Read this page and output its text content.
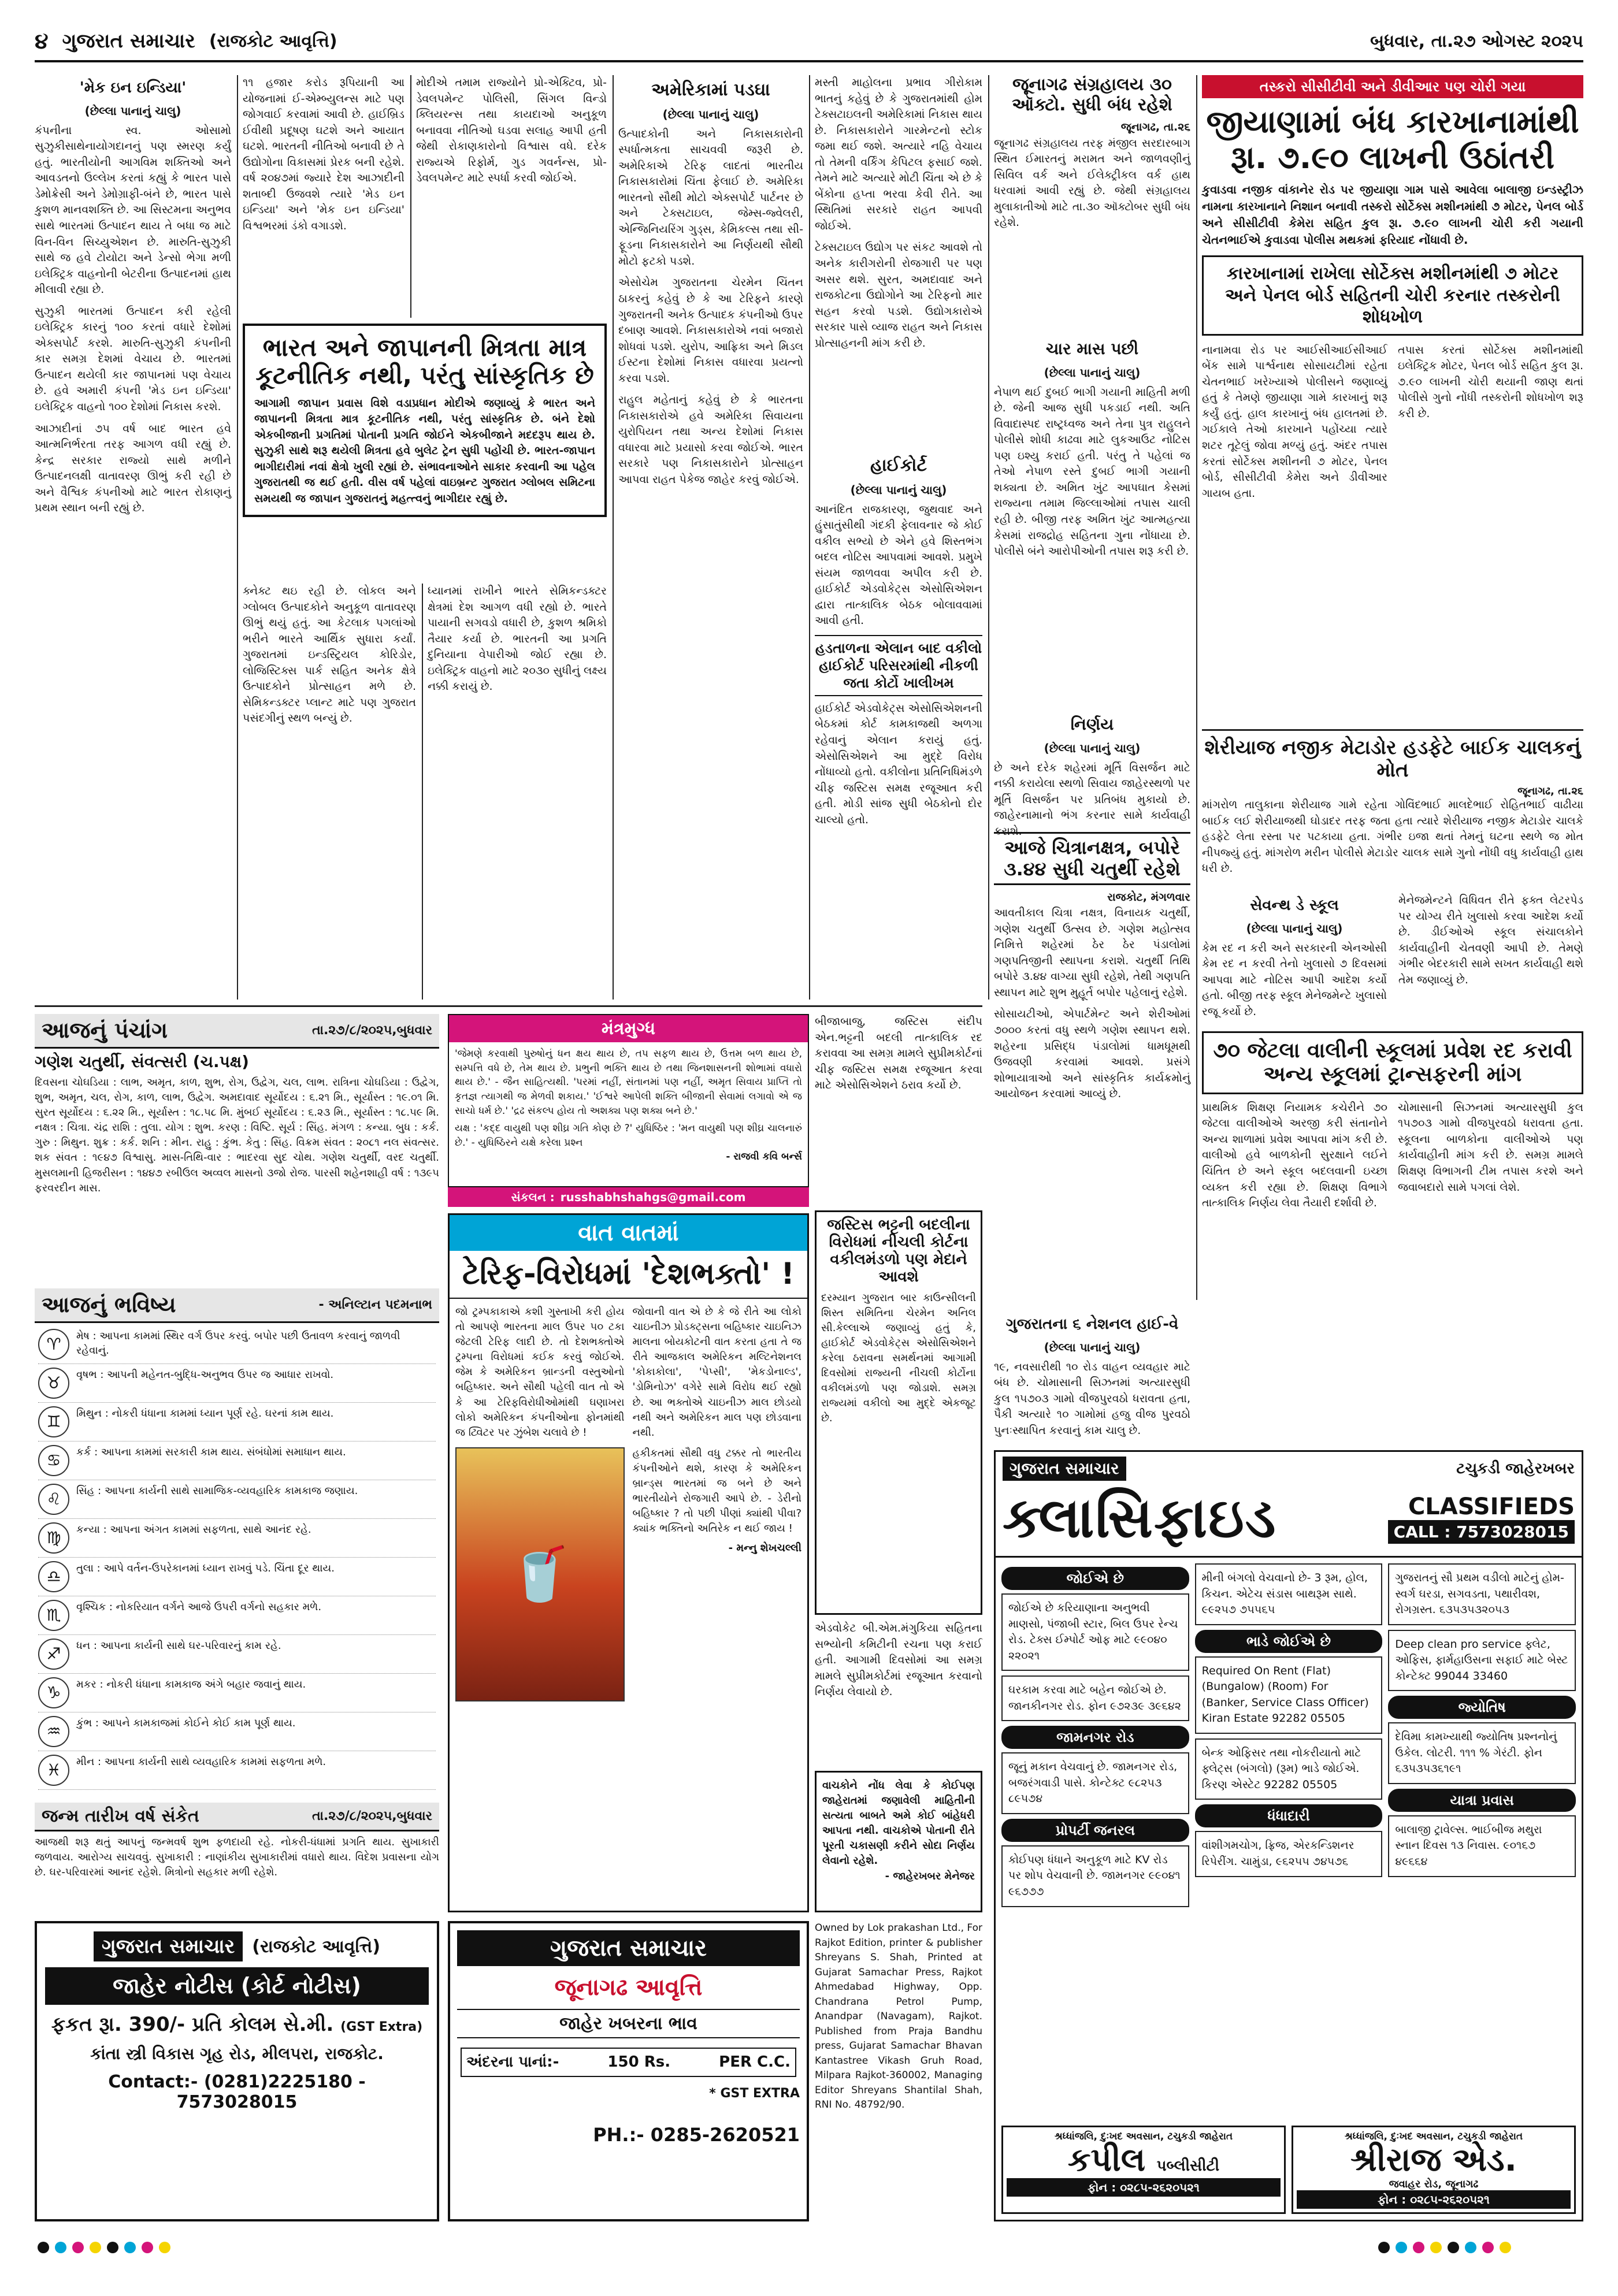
૪ ગુજરાત સમાચાર (રાજકોટ આવૃત્તિ)	બુધવાર, તા.૨૭ ઓગસ્ટ ૨૦૨૫
'મેક ઇન ઇન્ડિયા'
(છેલ્લા પાનાનું ચાલુ)

કંપનીના સ્વ. ઓસામો સુઝુકીસાથેનાયોગદાનનું પણ સ્મરણ કર્યું હતું. ભારતીયોની આગવિમ શક્તિઓ અને આવડતનો ઉલ્લેખ કરતાં કહ્યું કે ભારત પાસે ડેમોક્રેસી અને ડેમોગ્રાફી-બંને છે, ભારત પાસે કુશળ માનવશક્તિ છે. આ સિસ્ટમના અનુભવ સાથે ભારતમાં ઉત્પાદન થાય તે બધા જ માટે વિન-વિન સિચ્યુએશન છે. મારુતિ-સુઝુકી સાથે જ હવે ટોયોટા અને ડેન્સો ભેગા મળી ઇલેક્ટ્રિક વાહનોની બેટરીના ઉત્પાદનમાં હાથ મીલાવી રહ્યા છે.

સુઝુકી ભારતમાં ઉત્પાદન કરી રહેલી ઇલેક્ટ્રિક કારનું ૧૦૦ કરતાં વધારે દેશોમાં એક્સપોર્ટ કરશે. મારુતિ-સુઝુકી કંપનીની કાર સમગ્ર દેશમાં વેચાય છે. ભારતમાં ઉત્પાદન થયેલી કાર જાપાનમાં પણ વેચાય છે. હવે અમારી કંપની 'મેડ ઇન ઇન્ડિયા' ઇલેક્ટ્રિક વાહનો ૧૦૦ દેશોમાં નિકાસ કરશે.

આઝાદીનાં ૭૫ વર્ષ બાદ ભારત હવે આત્મનિર્ભરતા તરફ આગળ વધી રહ્યું છે. કેન્દ્ર સરકાર રાજ્યો સાથે મળીને ઉત્પાદનલક્ષી વાતાવરણ ઊભું કરી રહી છે અને વૈશ્વિક કંપનીઓ માટે ભારત રોકાણનું પ્રથમ સ્થાન બની રહ્યું છે.

૧૧ હજાર કરોડ રૂપિયાની આ યોજનામાં ઈ-એમ્બ્યુલન્સ માટે પણ જોગવાઈ કરવામાં આવી છે. હાઈબ્રિડ ઈવીથી પ્રદૂષણ ઘટશે અને આયાત ઘટશે. ભારતની નીતિઓ બનાવી છે તે ઉદ્યોગોના વિકાસમાં પ્રેરક બની રહેશે. વર્ષ ૨૦૪૭માં જ્યારે દેશ આઝાદીની શતાબ્દી ઉજવશે ત્યારે 'મેડ ઇન ઇન્ડિયા' અને 'મેક ઇન ઇન્ડિયા' વિશ્વભરમાં ડંકો વગાડશે.

મોદીએ તમામ રાજ્યોને પ્રો-એક્ટિવ, પ્રો-ડેવલપમેન્ટ પોલિસી, સિંગલ વિન્ડો ક્લિયરન્સ તથા કાયદાઓ અનુકૂળ બનાવવા નીતિઓ ઘડવા સલાહ આપી હતી જેથી રોકાણકારોનો વિશ્વાસ વધે. દરેક રાજ્યએ રિફોર્મ, ગુડ ગવર્નન્સ, પ્રો-ડેવલપમેન્ટ માટે સ્પર્ધા કરવી જોઈએ.

ભારત અને જાપાનની મિત્રતા માત્ર કૂટનીતિક નથી, પરંતુ સાંસ્કૃતિક છે

આગામી જાપાન પ્રવાસ વિશે વડાપ્રધાન મોદીએ જણાવ્યું કે ભારત અને જાપાનની મિત્રતા માત્ર કૂટનીતિક નથી, પરંતુ સાંસ્કૃતિક છે. બંને દેશો એકબીજાની પ્રગતિમાં પોતાની પ્રગતિ જોઈને એકબીજાને મદદરૂપ થાય છે. સુઝુકી સાથે શરૂ થયેલી મિત્રતા હવે બુલેટ ટ્રેન સુધી પહોંચી છે. ભારત-જાપાન ભાગીદારીમાં નવાં ક્ષેત્રો ખુલી રહ્યાં છે. સંભાવનાઓને સાકાર કરવાની આ પહેલ ગુજરાતથી જ થઈ હતી. વીસ વર્ષ પહેલાં વાઇબ્રન્ટ ગુજરાત ગ્લોબલ સમિટના સમયથી જ જાપાન ગુજરાતનું મહત્ત્વનું ભાગીદાર રહ્યું છે.

ક્નેક્ટ થઇ રહી છે. લોકલ અને ગ્લોબલ ઉત્પાદકોને અનુકૂળ વાતાવરણ ઊભું થયું હતું. આ કેટલાક પગલાંઓ ભરીને ભારતે આર્થિક સુધારા કર્યાં. ગુજરાતમાં ઇન્ડસ્ટ્રિયલ કોરિડોર, લોજિસ્ટિક્સ પાર્ક સહિત અનેક ક્ષેત્રે ઉત્પાદકોને પ્રોત્સાહન મળે છે. સેમિકન્ડક્ટર પ્લાન્ટ માટે પણ ગુજરાત પસંદગીનું સ્થળ બન્યું છે.

ધ્યાનમાં રાખીને ભારતે સેમિકન્ડક્ટર ક્ષેત્રમાં દેશ આગળ વધી રહ્યો છે. ભારતે પાયાની સગવડો વધારી છે, કુશળ શ્રમિકો તૈયાર કર્યા છે. ભારતની આ પ્રગતિ દુનિયાના વેપારીઓ જોઈ રહ્યા છે. ઇલેક્ટ્રિક વાહનો માટે ૨૦૩૦ સુધીનું લક્ષ્ય નક્કી કરાયું છે.

અમેરિકામાં પડઘા
(છેલ્લા પાનાનું ચાલુ)

ઉત્પાદકોની અને નિકાસકારોની સ્પર્ધાત્મકતા સાચવવી જરૂરી છે. અમેરિકાએ ટેરિફ લાદતાં ભારતીય નિકાસકારોમાં ચિંતા ફેલાઈ છે. અમેરિકા ભારતનો સૌથી મોટો એક્સપોર્ટ પાર્ટનર છે અને ટેક્સટાઇલ, જેમ્સ-જ્વેલરી, એન્જિનિયરિંગ ગુડ્સ, કેમિકલ્સ તથા સી-ફૂડના નિકાસકારોને આ નિર્ણયથી સૌથી મોટો ફટકો પડશે.

એસોચેમ ગુજરાતના ચેરમેન ચિંતન ઠાકરનું કહેવું છે કે આ ટેરિફને કારણે ગુજરાતની અનેક ઉત્પાદક કંપનીઓ ઉપર દબાણ આવશે. નિકાસકારોએ નવાં બજારો શોધવાં પડશે. યુરોપ, આફ્રિકા અને મિડલ ઈસ્ટના દેશોમાં નિકાસ વધારવા પ્રયત્નો કરવા પડશે.

રાહુલ મહેતાનું કહેવું છે કે ભારતના નિકાસકારોએ હવે અમેરિકા સિવાયના યુરોપિયન તથા અન્ય દેશોમાં નિકાસ વધારવા માટે પ્રયાસો કરવા જોઈએ. ભારત સરકારે પણ નિકાસકારોને પ્રોત્સાહન આપવા રાહત પેકેજ જાહેર કરવું જોઈએ.

મસ્તી માહોલના પ્રભાવ ગીરોકામ ભાતનું કહેવું છે કે ગુજરાતમાંથી હોમ ટેક્સટાઇલની અમેરિકામાં નિકાસ થાય છે. નિકાસકારોને ગારમેન્ટનો સ્ટોક જમા થઈ જશે. અત્યારે નહિ વેચાય તો તેમની વર્કિંગ કેપિટલ ફસાઈ જશે. તેમને માટે અત્યારે મોટી ચિંતા એ છે કે બેંકોના હપ્તા ભરવા કેવી રીતે. આ સ્થિતિમાં સરકારે રાહત આપવી જોઈએ.

ટેક્સટાઇલ ઉદ્યોગ પર સંકટ આવશે તો અનેક કારીગરોની રોજગારી પર પણ અસર થશે. સુરત, અમદાવાદ અને રાજકોટના ઉદ્યોગોને આ ટેરિફનો માર સહન કરવો પડશે. ઉદ્યોગકારોએ સરકાર પાસે વ્યાજ રાહત અને નિકાસ પ્રોત્સાહનની માંગ કરી છે.

હાઈકોર્ટ
(છેલ્લા પાનાનું ચાલુ)

આનંદિત રાજકારણ, જુથવાદ અને હુંસાતુંસીથી ગંદકી ફેલાવનાર જે કોઈ વકીલ સભ્યો છે એને હવે શિસ્તભંગ બદલ નોટિસ આપવામાં આવશે. પ્રમુખે સંયમ જાળવવા અપીલ કરી છે. હાઈકોર્ટ એડવોકેટ્સ એસોસિએશન દ્વારા તાત્કાલિક બેઠક બોલાવવામાં આવી હતી.

હડતાળના એલાન બાદ વકીલો હાઈકોર્ટ પરિસરમાંથી નીકળી જતા કોર્ટો ખાલીખમ

હાઈકોર્ટ એડવોકેટ્સ એસોસિએશનની બેઠકમાં કોર્ટ કામકાજથી અળગા રહેવાનું એલાન કરાયું હતું. એસોસિએશને આ મુદ્દે વિરોધ નોંધાવ્યો હતો. વકીલોના પ્રતિનિધિમંડળે ચીફ જસ્ટિસ સમક્ષ રજૂઆત કરી હતી. મોડી સાંજ સુધી બેઠકોનો દોર ચાલ્યો હતો.

જૂનાગઢ સંગ્રહાલય ૩૦ ઑક્ટો. સુધી બંધ રહેશે
જૂનાગઢ, તા.૨૬

જૂનાગઢ સંગ્રહાલય તરફ મંજીલ સરદારબાગ સ્થિત ઈમારતનું મરામત અને જાળવણીનું સિવિલ વર્ક અને ઈલેક્ટ્રીકલ વર્ક હાથ ધરવામાં આવી રહ્યું છે. જેથી સંગ્રહાલય મુલાકાતીઓ માટે તા.૩૦ ઑક્ટોબર સુધી બંધ રહેશે.

ચાર માસ પછી
(છેલ્લા પાનાનું ચાલુ)

નેપાળ થઈ દુબઈ ભાગી ગયાની માહિતી મળી છે. જેની આજ સુધી પકડાઈ નથી. અતિ વિવાદાસ્પદ રાષ્ટ્રધ્વજ અને તેના પુત્ર રાહુલને પોલીસે શોધી કાઢવા માટે લુકઆઉટ નોટિસ પણ ઇશ્યુ કરાઈ હતી. પરંતુ તે પહેલાં જ તેઓ નેપાળ રસ્તે દુબઈ ભાગી ગયાની શક્યતા છે. અમિત ખુંટ આપઘાત કેસમાં રાજ્યના તમામ જિલ્લાઓમાં તપાસ ચાલી રહી છે. બીજી તરફ અમિત ખુંટ આત્મહત્યા કેસમાં રાજદ્રોહ સહિતના ગુના નોંધાયા છે. પોલીસે બંને આરોપીઓની તપાસ શરૂ કરી છે.

નિર્ણય
(છેલ્લા પાનાનું ચાલુ)

છે અને દરેક શહેરમાં મૂર્તિ વિસર્જન માટે નક્કી કરાયેલા સ્થળો સિવાય જાહેરસ્થળો પર મૂર્તિ વિસર્જન પર પ્રતિબંધ મુકાયો છે. જાહેરનામાનો ભંગ કરનાર સામે કાર્યવાહી કરાશે.

આજે ચિત્રાનક્ષત્ર, બપોરે ૩.૪૪ સુધી ચતુર્થી રહેશે
રાજકોટ, મંગળવાર

આવતીકાલ ચિત્રા નક્ષત્ર, વિનાયક ચતુર્થી, ગણેશ ચતુર્થી ઉત્સવ છે. ગણેશ મહોત્સવ નિમિત્તે શહેરમાં ઠેર ઠેર પંડાલોમાં ગણપતિજીની સ્થાપના કરાશે. ચતુર્થી તિથિ બપોરે ૩.૪૪ વાગ્યા સુધી રહેશે, તેથી ગણપતિ સ્થાપન માટે શુભ મુહૂર્ત બપોર પહેલાનું રહેશે.

સોસાયટીઓ, એપાર્ટમેન્ટ અને શેરીઓમાં ૭૦૦૦ કરતાં વધુ સ્થળે ગણેશ સ્થાપન થશે. શહેરના પ્રસિદ્ધ પંડાલોમાં ધામધૂમથી ઉજવણી કરવામાં આવશે. પ્રસંગે શોભાયાત્રાઓ અને સાંસ્કૃતિક કાર્યક્રમોનું આયોજન કરવામાં આવ્યું છે.

તસ્કરો સીસીટીવી અને ડીવીઆર પણ ચોરી ગયા
જીયાણામાં બંધ કારખાનામાંથી રૂા. ૭.૯૦ લાખની ઉઠાંતરી

કુવાડવા નજીક વાંકાનેર રોડ પર જીયાણા ગામ પાસે આવેલા બાલાજી ઇન્ડસ્ટ્રીઝ નામના કારખાનાને નિશાન બનાવી તસ્કરો સોર્ટેક્સ મશીનમાંથી ૭ મોટર, પેનલ બોર્ડ અને સીસીટીવી કેમેરા સહિત કુલ રૂા. ૭.૯૦ લાખની ચોરી કરી ગયાની ચેતનભાઈએ કુવાડવા પોલીસ મથકમાં ફરિયાદ નોંધાવી છે.

કારખાનામાં રાખેલા સોર્ટેક્સ મશીનમાંથી ૭ મોટર અને પેનલ બોર્ડ સહિતની ચોરી કરનાર તસ્કરોની શોધખોળ

નાનામવા રોડ પર આઈસીઆઈસીઆઈ બેંક સામે પાર્શ્વનાથ સોસાયટીમાં રહેતા ચેતનભાઈ ખરેખ્યાએ પોલીસને જણાવ્યું હતું કે તેમણે જીયાણા ગામે કારખાનું શરૂ કર્યું હતું. હાલ કારખાનું બંધ હાલતમાં છે. ગઈકાલે તેઓ કારખાને પહોંચ્યા ત્યારે શટર તૂટેલું જોવા મળ્યું હતું. અંદર તપાસ કરતાં સોર્ટેક્સ મશીનની ૭ મોટર, પેનલ બોર્ડ, સીસીટીવી કેમેરા અને ડીવીઆર ગાયબ હતા.

તપાસ કરતાં સોર્ટેક્સ મશીનમાંથી ઇલેક્ટ્રિક મોટર, પેનલ બોર્ડ સહિત કુલ રૂા. ૭.૯૦ લાખની ચોરી થયાની જાણ થતાં પોલીસે ગુનો નોંધી તસ્કરોની શોધખોળ શરૂ કરી છે.

શેરીયાજ નજીક મેટાડોર હડફેટે બાઈક ચાલકનું મોત
જૂનાગઢ, તા.૨૬

માંગરોળ તાલુકાના શેરીયાજ ગામે રહેતા ગોવિંદભાઈ માલદેભાઈ રોહિતભાઈ વાઢીયા બાઈક લઈ શેરીયાજથી ઘોડાદર તરફ જતા હતા ત્યારે શેરીયાજ નજીક મેટાડોર ચાલકે હડફેટે લેતા રસ્તા પર પટકાયા હતા. ગંભીર ઇજા થતાં તેમનું ઘટના સ્થળે જ મોત નીપજ્યું હતું. માંગરોળ મરીન પોલીસે મેટાડોર ચાલક સામે ગુનો નોંધી વધુ કાર્યવાહી હાથ ધરી છે.

સેવન્થ ડે સ્કૂલ
(છેલ્લા પાનાનું ચાલુ)

કેમ રદ ન કરી અને સરકારની એનઓસી કેમ રદ ન કરવી તેનો ખુલાસો ૭ દિવસમાં આપવા માટે નોટિસ આપી આદેશ કર્યો હતો. બીજી તરફ સ્કૂલ મેનેજમેન્ટે ખુલાસો રજૂ કર્યો છે.

મેનેજમેન્ટને વિધિવત રીતે ફક્ત લેટરપેડ પર યોગ્ય રીતે ખુલાસો કરવા આદેશ કર્યો છે. ડીઈઓએ સ્કૂલ સંચાલકોને કાર્યવાહીની ચેતવણી આપી છે. તેમણે ગંભીર બેદરકારી સામે સખત કાર્યવાહી થશે તેમ જણાવ્યું છે.

૭૦ જેટલા વાલીની સ્કૂલમાં પ્રવેશ રદ કરાવી અન્ય સ્કૂલમાં ટ્રાન્સફરની માંગ

પ્રાથમિક શિક્ષણ નિયામક કચેરીને ૭૦ જેટલા વાલીઓએ અરજી કરી સંતાનોને અન્ય શાળામાં પ્રવેશ આપવા માંગ કરી છે. વાલીઓ હવે બાળકોની સુરક્ષાને લઈને ચિંતિત છે અને સ્કૂલ બદલવાની ઇચ્છા વ્યક્ત કરી રહ્યા છે. શિક્ષણ વિભાગે તાત્કાલિક નિર્ણય લેવા તૈયારી દર્શાવી છે.

ચોમાસાની સિઝનમાં અત્યારસુધી કુલ ૧૫૭૦૩ ગામો વીજપુરવઠો ધરાવતા હતા. સ્કૂલના બાળકોના વાલીઓએ પણ કાર્યવાહીની માંગ કરી છે. સમગ્ર મામલે શિક્ષણ વિભાગની ટીમ તપાસ કરશે અને જવાબદારો સામે પગલાં લેશે.

ગુજરાતના ૬ નેશનલ હાઈ-વે
(છેલ્લા પાનાનું ચાલુ)

૧૯, નવસારીથી ૧૦ રોડ વાહન વ્યવહાર માટે બંધ છે. ચોમાસાની સિઝનમાં અત્યારસુધી કુલ ૧૫૭૦૩ ગામો વીજપુરવઠો ધરાવતા હતા, પૈકી અત્યારે ૧૦ ગામોમાં હજુ વીજ પુરવઠો પુનઃસ્થાપિત કરવાનું કામ ચાલુ છે.

આજનું પંચાંગ	તા.૨૭/૮/૨૦૨૫,બુધવાર
ગણેશ ચતુર્થી, સંવત્સરી (ચ.પક્ષ)

દિવસના ચોઘડિયા : લાભ, અમૃત, કાળ, શુભ, રોગ, ઉદ્વેગ, ચલ, લાભ. રાત્રિના ચોઘડિયા : ઉદ્વેગ, શુભ, અમૃત, ચલ, રોગ, કાળ, લાભ, ઉદ્વેગ. અમદાવાદ સૂર્યોદય : ૬.૨૧ મિ., સૂર્યાસ્ત : ૧૯.૦૧ મિ. સુરત સૂર્યોદય : ૬.૨૨ મિ., સૂર્યાસ્ત : ૧૮.૫૮ મિ. મુંબઈ સૂર્યોદય : ૬.૨૩ મિ., સૂર્યાસ્ત : ૧૮.૫૯ મિ. નક્ષત્ર : ચિત્રા. ચંદ્ર રાશિ : તુલા. યોગ : શુભ. કરણ : વિષ્ટિ. સૂર્ય : સિંહ. મંગળ : કન્યા. બુધ : કર્ક. ગુરુ : મિથુન. શુક્ર : કર્ક. શનિ : મીન. રાહુ : કુંભ. કેતુ : સિંહ. વિક્રમ સંવત : ૨૦૮૧ નલ સંવત્સર. શક સંવત : ૧૯૪૭ વિશ્વાસુ. માસ-તિથિ-વાર : ભાદરવા સુદ ચોથ. ગણેશ ચતુર્થી, વરદ ચતુર્થી. મુસલમાની હિજરીસન : ૧૪૪૭ રબીઉલ અવ્વલ માસનો ૩જો રોજ. પારસી શહેનશાહી વર્ષ : ૧૩૯૫ ફરવરદીન માસ.

મંત્રમુગ્ધ

'જેમણે કરવાથી પુરુષોનું ધન ક્ષય થાય છે, તપ સફળ થાય છે, ઉત્તમ બળ થાય છે, સમ્પત્તિ વધે છે, તેમ થાય છે. પ્રભુની ભક્તિ થાય છે તથા જિનશાસનની શોભામાં વધારો થાય છે.' - જૈન સાહિત્યથી. 'પરમાં નહીં, સંતાનમાં પણ નહીં, અમૃત સિવાય પ્રાપ્તિ તો કૃતજ્ઞ ત્યાગથી જ મેળવી શકાય.' 'ઈશ્વરે આપેલી શક્તિ બીજાની સેવામાં લગાવો એ જ સાચો ધર્મ છે.' 'દ્રઢ સંકલ્પ હોય તો અશક્ય પણ શક્ય બને છે.'

યક્ષ : 'કદ્દ વાયુથી પણ શીઘ્ર ગતિ કોણ છે ?' યુધિષ્ઠિર : 'મન વાયુથી પણ શીઘ્ર ચાલનારું છે.' - યુધિષ્ઠિરને યક્ષે કરેલા પ્રશ્ન

- રાજવી કવિ બર્ન્સ

સંકલન : russhabhshahgs@gmail.com

બીજાબાજુ, જસ્ટિસ સંદીપ એન.ભટ્ટની બદલી તાત્કાલિક રદ કરાવવા આ સમગ્ર મામલે સુપ્રીમકોર્ટનાં ચીફ જસ્ટિસ સમક્ષ રજૂઆત કરવા માટે એસોસિએશને ઠરાવ કર્યો છે.

જસ્ટિસ ભટ્ટની બદલીના વિરોધમાં નીચલી કોર્ટના વકીલમંડળો પણ મેદાને આવશે

દરમ્યાન ગુજરાત બાર કાઉન્સીલની શિસ્ત સમિતિના ચેરમેન અનિલ સી.કેલ્લાએ જણાવ્યું હતું કે, હાઈકોર્ટ એડવોકેટ્સ એસોસિએશને કરેલા ઠરાવના સમર્થનમાં આગામી દિવસોમાં રાજ્યની નીચલી કોર્ટોના વકીલમંડળો પણ જોડાશે. સમગ્ર રાજ્યમાં વકીલો આ મુદ્દે એકજૂટ છે.

એડવોકેટ બી.એમ.મંગુકિયા સહિતના સભ્યોની કમિટીની રચના પણ કરાઈ હતી. આગામી દિવસોમાં આ સમગ્ર મામલે સુપ્રીમકોર્ટમાં રજૂઆત કરવાનો નિર્ણય લેવાયો છે.

વાચકોને નોંધ લેવા કે કોઈપણ જાહેરાતમાં જણાવેલી માહિતીની સત્યતા બાબતે અમે કોઈ બાંહેધરી આપતા નથી. વાચકોએ પોતાની રીતે પૂરતી ચકાસણી કરીને સોદા નિર્ણય લેવાનો રહેશે.

- જાહેરખબર મેનેજર

વાત વાતમાં
ટેરિફ-વિરોધમાં 'દેશભક્તો' !

જો ટ્રમ્પકાકાએ કશી ગુસ્તાખી કરી હોય તો આપણે ભારતના માલ ઉપર ૫૦ ટકા જેટલી ટેરિફ લાદી છે. તો દેશભક્તોએ ટ્રમ્પના વિરોધમાં કઈક કરવું જોઈએ. જેમ કે અમેરિકન બ્રાન્ડની વસ્તુઓનો બહિષ્કાર. અને સૌથી પહેલી વાત તો એ કે આ ટેરિફવિરોધીઓમાંથી ઘણાખરા લોકો અમેરિકન કંપનીઓના ફોનમાંથી જ ટ્વિટર પર ઝુંબેશ ચલાવે છે !

🥤

જોવાની વાત એ છે કે જે રીતે આ લોકો ચાઇનીઝ પ્રોડક્ટ્સના બહિષ્કાર ચાઇનિઝ માલના બોયકોટની વાત કરતા હતા તે જ રીતે આજકાલ અમેરિકન મલ્ટિનેશનલ 'કોકાકોલા', 'પેપ્સી', 'મેકડોનાલ્ડ', 'ડોમિનોઝ' વગેરે સામે વિરોધ થઈ રહ્યો છે. આ ભક્તોએ ચાઇનીઝ માલ છોડયો નથી અને અમેરિકન માલ પણ છોડવાના નથી.

હકીકતમાં સૌથી વધુ ટક્કર તો ભારતીય કંપનીઓને થશે, કારણ કે અમેરિકન બ્રાન્ડ્સ ભારતમાં જ બને છે અને ભારતીયોને રોજગારી આપે છે. - ડેરીનો બહિષ્કાર ? તો પછી પીણાં ક્યાંથી પીવા? ક્યાંક ભક્તિનો અતિરેક ન થઈ જાય !

- મન્નુ શેખચલ્લી

આજનું ભવિષ્ય	- અનિલ્ટાન પદમનાભ
♈	મેષ : આપના કામમાં સ્થિર વર્ગ ઉપર કરવું. બપોર પછી ઉતાવળ કરવાનું જાળવી રહેવાનું.
♉	વૃષભ : આપની મહેનત-બુદ્ધિ-અનુભવ ઉપર જ આધાર રાખવો.
♊	મિથુન : નોકરી ધંધાના કામમાં ધ્યાન પૂર્ણ રહે. ઘરનાં કામ થાય.
♋	કર્ક : આપના કામમાં સરકારી કામ થાય. સંબંધોમાં સમાધાન થાય.
♌	સિંહ : આપના કાર્યની સાથે સામાજિક-વ્યવહારિક કામકાજ જણાય.
♍	કન્યા : આપના અંગત કામમાં સફળતા, સાથે આનંદ રહે.
♎	તુલા : આપે વર્તન-ઉપરેકાનમાં ધ્યાન રાખવું પડે. ચિંતા દૂર થાય.
♏	વૃશ્ચિક : નોકરિયાત વર્ગને આજે ઉપરી વર્ગનો સહકાર મળે.
♐	ધન : આપના કાર્યની સાથે ઘર-પરિવારનું કામ રહે.
♑	મકર : નોકરી ધંધાના કામકાજ અંગે બહાર જવાનું થાય.
♒	કુંભ : આપને કામકાજમાં કોઈને કોઈ કામ પૂર્ણ થાય.
♓	મીન : આપના કાર્યની સાથે વ્યવહારિક કામમાં સફળતા મળે.
જન્મ તારીખ વર્ષ સંકેત	તા.૨૭/૮/૨૦૨૫,બુધવાર

આજથી શરૂ થતું આપનું જન્મવર્ષ શુભ ફળદાયી રહે. નોકરી-ધંધામાં પ્રગતિ થાય. સુખાકારી જળવાય. આરોગ્ય સાચવવું. સુખાકારી : નાણાંકીય સુખાકારીમાં વધારો થાય. વિદેશ પ્રવાસના યોગ છે. ઘર-પરિવારમાં આનંદ રહેશે. મિત્રોનો સહકાર મળી રહેશે.

ગુજરાત સમાચાર	(રાજકોટ આવૃત્તિ)
જાહેર નોટીસ (કોર્ટ નોટીસ)
ફકત રૂા. 390/- પ્રતિ કોલમ સે.મી. (GST Extra)
કાંતા સ્ત્રી વિકાસ ગૃહ રોડ, મીલપરા, રાજકોટ.
Contact:- (0281)2225180 - 7573028015
ગુજરાત સમાચાર
જૂનાગઢ આવૃત્તિ
જાહેર ખબરના ભાવ
અંદરના પાનાં:-	150 Rs.	PER C.C.
* GST EXTRA
PH.:- 0285-2620521

Owned by Lok prakashan Ltd., For Rajkot Edition, printer & publisher Shreyans S. Shah, Printed at Gujarat Samachar Press, Rajkot Ahmedabad Highway, Opp. Chandrana Petrol Pump, Anandpar (Navagam), Rajkot. Published from Praja Bandhu press, Gujarat Samachar Bhavan Kantastree Vikash Gruh Road, Milpara Rajkot-360002, Managing Editor Shreyans Shantilal Shah, RNI No. 48792/90.

ગુજરાત સમાચાર	ટચુકડી જાહેરખબર
ક્લાસિફાઇડ	CLASSIFIEDS
CALL : 7573028015
જોઈએ છે
જોઈએ છે કરિયાણાના અનુભવી માણસો, પંજાબી સ્ટાર, બિલ ઉપર રેન્ચ રોડ. ટેક્સ ઈમ્પોર્ટ ઓફ માટે ૯૯૦૪૦ ૨૨૦૨૧
ઘરકામ કરવા માટે બહેન જોઈએ છે. જાનકીનગર રોડ. ફોન ૯૭૨૩૯ ૩૯૬૪૨
જામનગર રોડ
જૂનું મકાન વેચવાનું છે. જામનગર રોડ, બજરંગવાડી પાસે. કોન્ટેક્ટ ૯૮૨૫૩ ૮૯૫૭૪
પ્રોપર્ટી જનરલ
કોઈપણ ધંધાને અનુકૂળ માટે KV રોડ પર શોપ વેચવાની છે. જામનગર ૯૯૦૪૧ ૯૬૭૭૭
મીની બંગલો વેચવાનો છે- 3 રૂમ, હોલ, કિચન. એટેચ સંડાસ બાથરૂમ સાથે. ૯૯૨૫૭ ૭૫૫૬૫
ભાડે જોઈએ છે
Required On Rent (Flat) (Bungalow) (Room) For (Banker, Service Class Officer) Kiran Estate 92282 05505
બેન્ક ઓફિસર તથા નોકરીયાતો માટે ફ્લેટ્સ (બંગલો) (રૂમ) ભાડે જોઈએ. કિરણ એસ્ટેટ 92282 05505
ધંધાદારી
વાંશીગમચોગ, ફ્રિજ, એરકન્ડિશનર રિપેરીંગ. ચામુંડા, ૯૬૨૫૫ ૭૪૫૭૬
ગુજરાતનું સૌ પ્રથમ વડીલો માટેનું હોમ- સ્વર્ગ ઘરડા, સગવડતા, પથારીવશ, રોગગ્રસ્ત. ૬૩૫૩૫૩૨૦૫૩
Deep clean pro service ફ્લેટ, ઓફિસ, ફાર્મહાઉસના સફાઈ માટે બેસ્ટ કોન્ટેક્ટ 99044 33460
જ્યોતિષ
દેવિમા કામખ્યાથી જ્યોતિષ પ્રશ્નનોનું ઉકેલ. લોટરી. ૧૧૧ % ગેરંટી. ફોન ૬૩૫૩૫૩૬૧૯૧
યાત્રા પ્રવાસ
બાલાજી ટ્રાવેલ્સ. ભાઈબીજ મથુરા સ્નાન દિવસ ૧૩ નિવાસ. ૯૦૧૬૭ ૪૯૬૬૪
શ્રધ્ધાંજલિ, દુઃખદ અવસાન, ટચુકડી જાહેરાત
કપીલ પબ્લીસીટી
ફોન : ૦૨૮૫-૨૬૨૦૫૨૧
શ્રધ્ધાંજલિ, દુઃખદ અવસાન, ટચુકડી જાહેરાત
શ્રીરાજ એડ.
જવાહર રોડ, જૂનાગઢ
ફોન : ૦૨૮૫-૨૬૨૦૫૨૧
